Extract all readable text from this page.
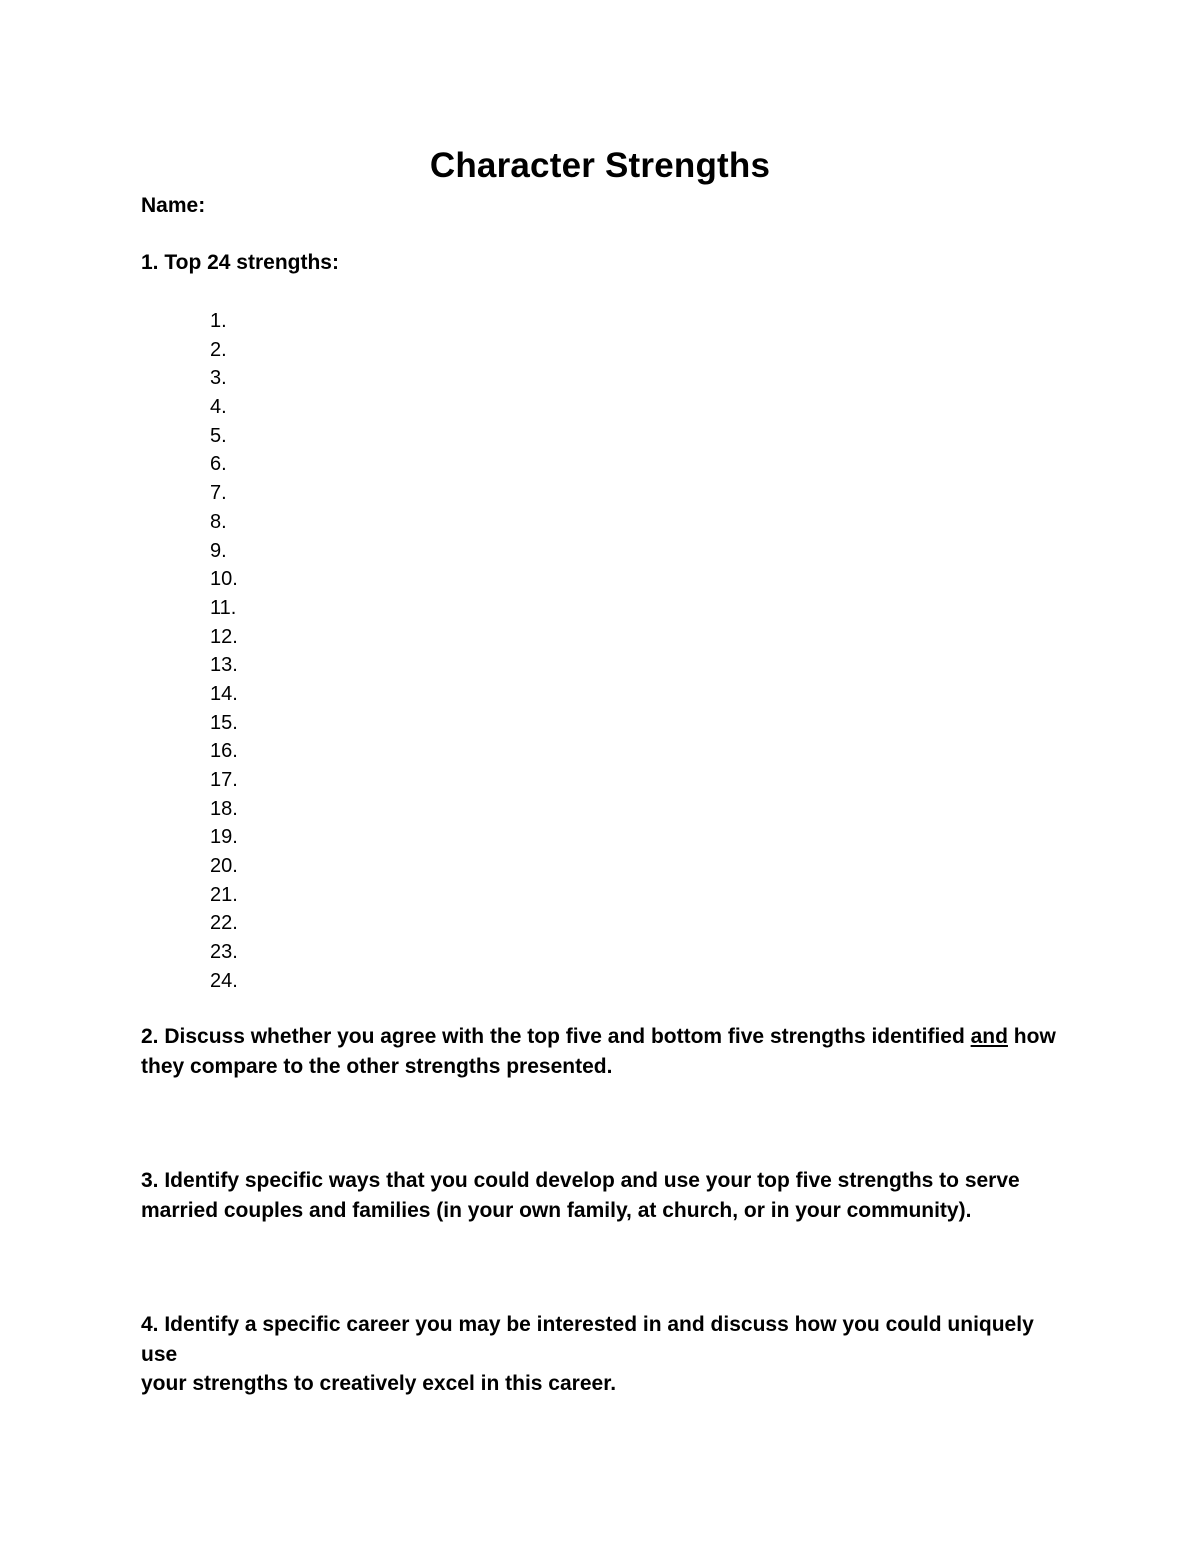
Character Strengths
Name:
1. Top 24 strengths:
1.
2.
3.
4.
5.
6.
7.
8.
9.
10.
11.
12.
13.
14.
15.
16.
17.
18.
19.
20.
21.
22.
23.
24.
2. Discuss whether you agree with the top five and bottom five strengths identified and how
they compare to the other strengths presented.
3. Identify specific ways that you could develop and use your top five strengths to serve
married couples and families (in your own family, at church, or in your community).
4. Identify a specific career you may be interested in and discuss how you could uniquely use
your strengths to creatively excel in this career.
